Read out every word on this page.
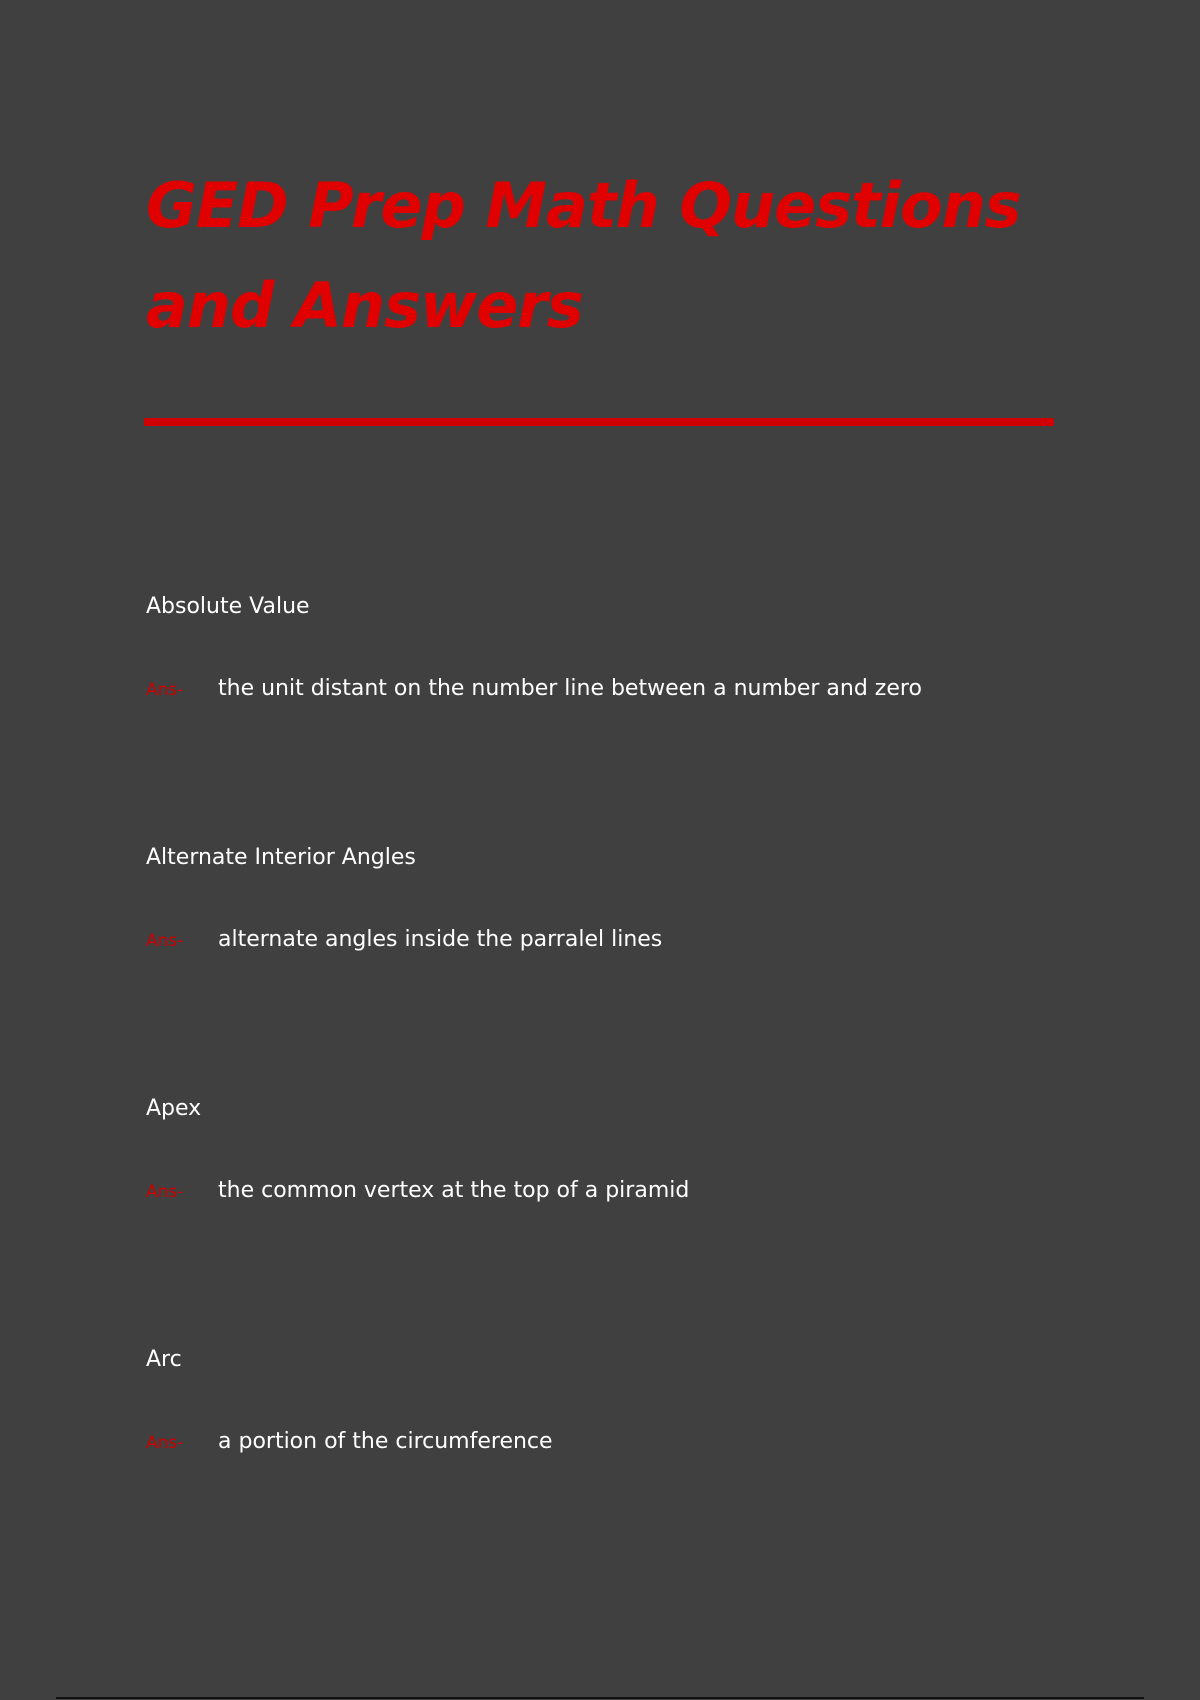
GED Prep Math Questions and Answers

Absolute Value

Ans- the unit distant on the number line between a number and zero

Alternate Interior Angles

Ans- alternate angles inside the parralel lines

Apex

Ans- the common vertex at the top of a piramid

Arc

Ans- a portion of the circumference
